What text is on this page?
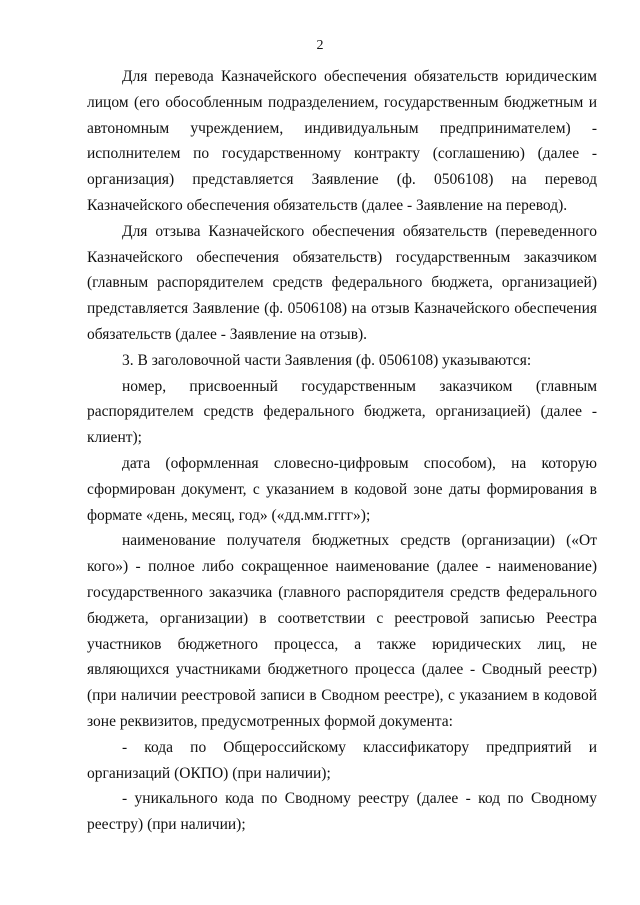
2

Для перевода Казначейского обеспечения обязательств юридическим лицом (его обособленным подразделением, государственным бюджетным и автономным учреждением, индивидуальным предпринимателем) - исполнителем по государственному контракту (соглашению) (далее - организация) представляется Заявление (ф. 0506108) на перевод Казначейского обеспечения обязательств (далее - Заявление на перевод).

Для отзыва Казначейского обеспечения обязательств (переведенного Казначейского обеспечения обязательств) государственным заказчиком (главным распорядителем средств федерального бюджета, организацией) представляется Заявление (ф. 0506108) на отзыв Казначейского обеспечения обязательств (далее - Заявление на отзыв).

3. В заголовочной части Заявления (ф. 0506108) указываются:

номер, присвоенный государственным заказчиком (главным распорядителем средств федерального бюджета, организацией) (далее - клиент);

дата (оформленная словесно-цифровым способом), на которую сформирован документ, с указанием в кодовой зоне даты формирования в формате «день, месяц, год» («дд.мм.гггг»);

наименование получателя бюджетных средств (организации) («От кого») - полное либо сокращенное наименование (далее - наименование) государственного заказчика (главного распорядителя средств федерального бюджета, организации) в соответствии с реестровой записью Реестра участников бюджетного процесса, а также юридических лиц, не являющихся участниками бюджетного процесса (далее - Сводный реестр) (при наличии реестровой записи в Сводном реестре), с указанием в кодовой зоне реквизитов, предусмотренных формой документа:

- кода по Общероссийскому классификатору предприятий и организаций (ОКПО) (при наличии);

- уникального кода по Сводному реестру (далее - код по Сводному реестру) (при наличии);
